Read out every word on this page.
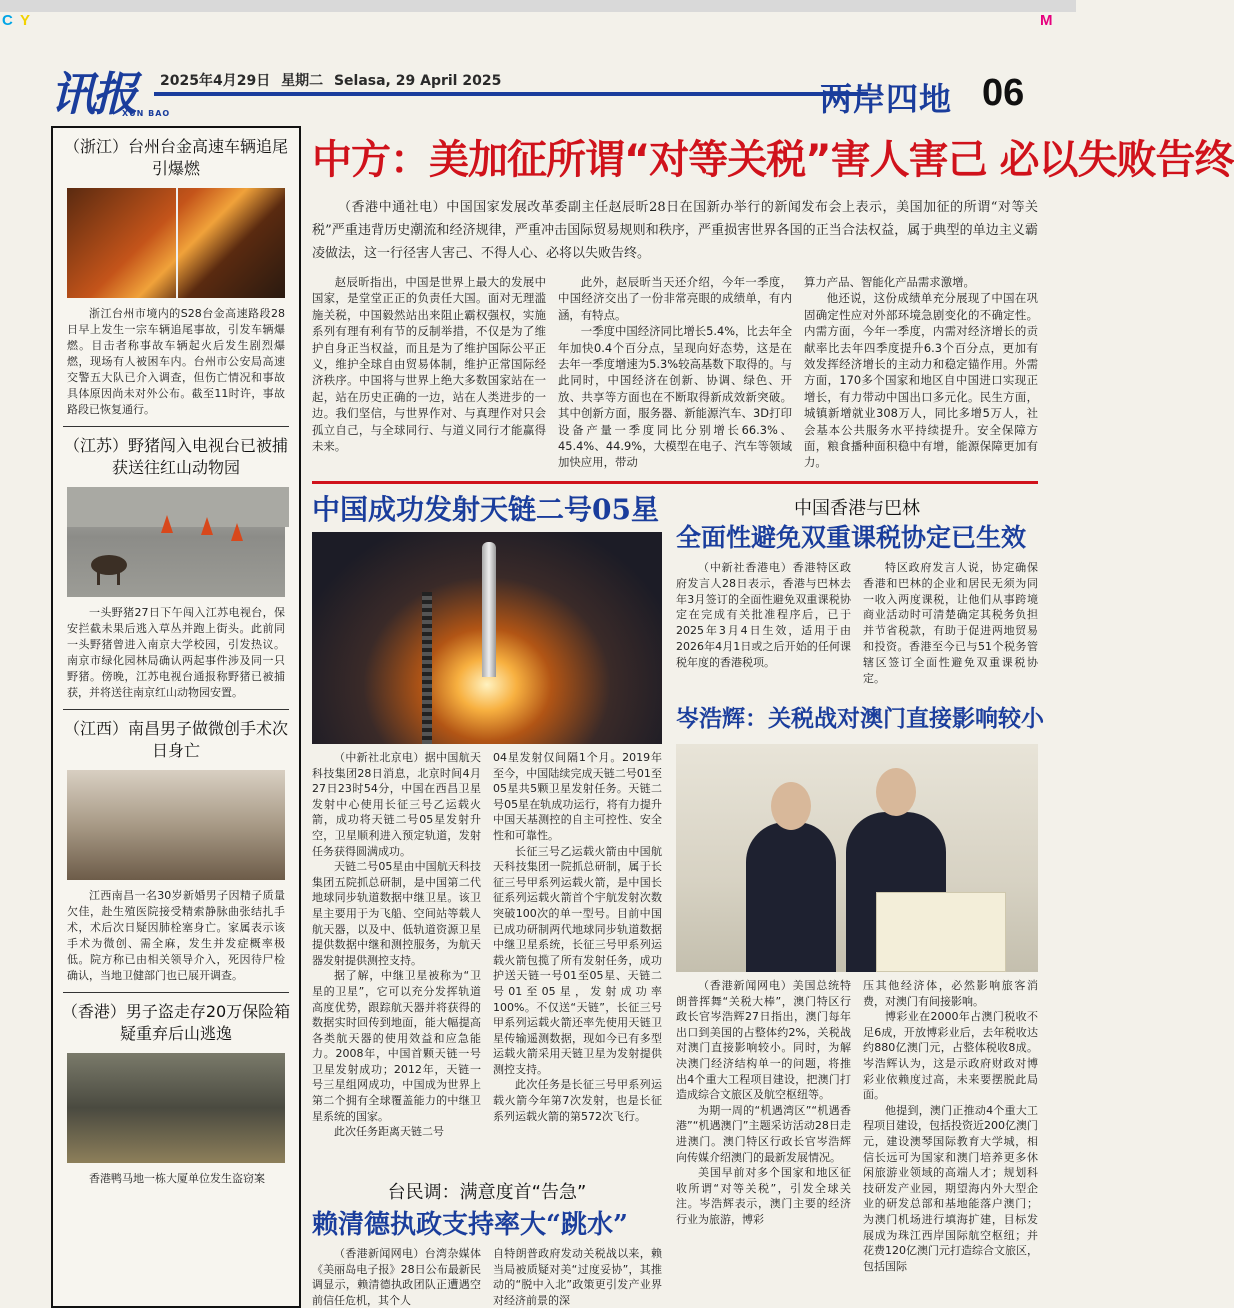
C Y	M
讯报
XUN BAO
2025年4月29日 星期二 Selasa, 29 April 2025	两岸四地 06
（浙江）台州台金高速车辆追尾引爆燃
浙江台州市境内的S28台金高速路段28日早上发生一宗车辆追尾事故，引发车辆爆燃。目击者称事故车辆起火后发生剧烈爆燃，现场有人被困车内。台州市公安局高速交警五大队已介入调查，但伤亡情况和事故具体原因尚未对外公布。截至11时许，事故路段已恢复通行。
（江苏）野猪闯入电视台已被捕获送往红山动物园
一头野猪27日下午闯入江苏电视台，保安拦截未果后逃入草丛并跑上街头。此前同一头野猪曾进入南京大学校园，引发热议。南京市绿化园林局确认两起事件涉及同一只野猪。傍晚，江苏电视台通报称野猪已被捕获，并将送往南京红山动物园安置。
（江西）南昌男子做微创手术次日身亡
江西南昌一名30岁新婚男子因精子质量欠佳，赴生殖医院接受精索静脉曲张结扎手术，术后次日疑因肺栓塞身亡。家属表示该手术为微创、需全麻，发生并发症概率极低。院方称已由相关领导介入，死因待尸检确认，当地卫健部门也已展开调查。
（香港）男子盗走存20万保险箱疑重弃后山逃逸
香港鸭马地一栋大厦单位发生盗窃案
中方：美加征所谓“对等关税”害人害己 必以失败告终
（香港中通社电）中国国家发展改革委副主任赵辰昕28日在国新办举行的新闻发布会上表示，美国加征的所谓“对等关税”严重违背历史潮流和经济规律，严重冲击国际贸易规则和秩序，严重损害世界各国的正当合法权益，属于典型的单边主义霸凌做法，这一行径害人害己、不得人心、必将以失败告终。

赵辰昕指出，中国是世界上最大的发展中国家，是堂堂正正的负责任大国。面对无理滥施关税，中国毅然站出来阻止霸权强权，实施系列有理有利有节的反制举措，不仅是为了维护自身正当权益，而且是为了维护国际公平正义，维护全球自由贸易体制，维护正常国际经济秩序。中国将与世界上绝大多数国家站在一起，站在历史正确的一边，站在人类进步的一边。我们坚信，与世界作对、与真理作对只会孤立自己，与全球同行、与道义同行才能赢得未来。

此外，赵辰昕当天还介绍，今年一季度，中国经济交出了一份非常亮眼的成绩单，有内涵，有特点。

一季度中国经济同比增长5.4%，比去年全年加快0.4个百分点，呈现向好态势，这是在去年一季度增速为5.3%较高基数下取得的。与此同时，中国经济在创新、协调、绿色、开放、共享等方面也在不断取得新成效新突破。其中创新方面，服务器、新能源汽车、3D打印设备产量一季度同比分别增长66.3%、45.4%、44.9%，大模型在电子、汽车等领域加快应用，带动

算力产品、智能化产品需求激增。

他还说，这份成绩单充分展现了中国在巩固确定性应对外部环境急剧变化的不确定性。内需方面，今年一季度，内需对经济增长的贡献率比去年四季度提升6.3个百分点，更加有效发挥经济增长的主动力和稳定锚作用。外需方面，170多个国家和地区自中国进口实现正增长，有力带动中国出口多元化。民生方面，城镇新增就业308万人，同比多增5万人，社会基本公共服务水平持续提升。安全保障方面，粮食播种面积稳中有增，能源保障更加有力。

中国成功发射天链二号05星

（中新社北京电）据中国航天科技集团28日消息，北京时间4月27日23时54分，中国在西昌卫星发射中心使用长征三号乙运载火箭，成功将天链二号05星发射升空，卫星顺利进入预定轨道，发射任务获得圆满成功。

天链二号05星由中国航天科技集团五院抓总研制，是中国第二代地球同步轨道数据中继卫星。该卫星主要用于为飞船、空间站等载人航天器，以及中、低轨道资源卫星提供数据中继和测控服务，为航天器发射提供测控支持。

据了解，中继卫星被称为“卫星的卫星”，它可以充分发挥轨道高度优势，跟踪航天器并将获得的数据实时回传到地面，能大幅提高各类航天器的使用效益和应急能力。2008年，中国首颗天链一号卫星发射成功；2012年，天链一号三星组网成功，中国成为世界上第二个拥有全球覆盖能力的中继卫星系统的国家。

此次任务距离天链二号

04星发射仅间隔1个月。2019年至今，中国陆续完成天链二号01至05星共5颗卫星发射任务。天链二号05星在轨成功运行，将有力提升中国天基测控的自主可控性、安全性和可靠性。

长征三号乙运载火箭由中国航天科技集团一院抓总研制，属于长征三号甲系列运载火箭，是中国长征系列运载火箭首个宇航发射次数突破100次的单一型号。目前中国已成功研制两代地球同步轨道数据中继卫星系统，长征三号甲系列运载火箭包揽了所有发射任务，成功护送天链一号01至05星、天链二号01至05星，发射成功率100%。不仅送“天链”，长征三号甲系列运载火箭还率先使用天链卫星传输遥测数据，现如今已有多型运载火箭采用天链卫星为发射提供测控支持。

此次任务是长征三号甲系列运载火箭今年第7次发射，也是长征系列运载火箭的第572次飞行。

台民调：满意度首“告急”
赖清德执政支持率大“跳水”

（香港新闻网电）台湾杂媒体《美丽岛电子报》28日公布最新民调显示，赖清德执政团队正遭遇空前信任危机，其个人

自特朗普政府发动关税战以来，赖当局被质疑对美“过度妥协”，其推动的“脱中入北”政策更引发产业界对经济前景的深

中国香港与巴林
全面性避免双重课税协定已生效

（中新社香港电）香港特区政府发言人28日表示，香港与巴林去年3月签订的全面性避免双重课税协定在完成有关批准程序后，已于2025年3月4日生效，适用于由2026年4月1日或之后开始的任何课税年度的香港税项。

特区政府发言人说，协定确保香港和巴林的企业和居民无须为同一收入两度课税，让他们从事跨境商业活动时可清楚确定其税务负担并节省税款，有助于促进两地贸易和投资。香港至今已与51个税务管辖区签订全面性避免双重课税协定。

岑浩辉：关税战对澳门直接影响较小

（香港新闻网电）美国总统特朗普挥舞“关税大棒”，澳门特区行政长官岑浩辉27日指出，澳门每年出口到美国的占整体约2%，关税战对澳门直接影响较小。同时，为解决澳门经济结构单一的问题，将推出4个重大工程项目建设，把澳门打造成综合文旅区及航空枢纽等。

为期一周的“机遇湾区”“机遇香港”“机遇澳门”主题采访活动28日走进澳门。澳门特区行政长官岑浩辉向传媒介绍澳门的最新发展情况。

美国早前对多个国家和地区征收所谓“对等关税”，引发全球关注。岑浩辉表示，澳门主要的经济行业为旅游，博彩

压其他经济体，必然影响旅客消费，对澳门有间接影响。

博彩业在2000年占澳门税收不足6成，开放博彩业后，去年税收达约880亿澳门元，占整体税收8成。岑浩辉认为，这是示政府财政对博彩业依赖度过高，未来要摆脱此局面。

他提到，澳门正推动4个重大工程项目建设，包括投资近200亿澳门元，建设澳琴国际教育大学城，相信长远可为国家和澳门培养更多休闲旅游业领域的高端人才；规划科技研发产业园，期望海内外大型企业的研发总部和基地能落户澳门；为澳门机场进行填海扩建，目标发展成为珠江西岸国际航空枢纽；并花费120亿澳门元打造综合文旅区，包括国际
